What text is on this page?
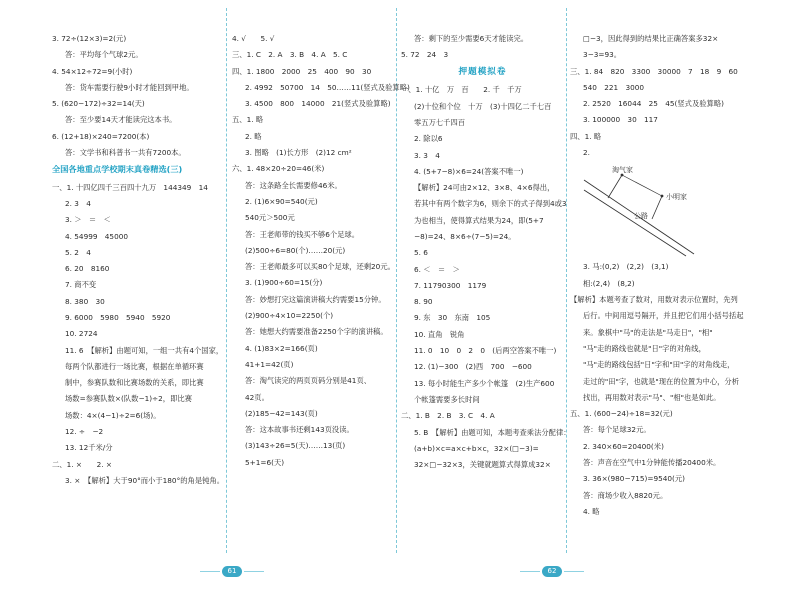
3. 72÷(12×3)=2(元)
答：平均每个气球2元。
4. 54×12÷72=9(小时)
答：货车需要行驶9小时才能回到甲地。
5. (620−172)÷32=14(天)
答：至少要14天才能读完这本书。
6. (12+18)×240=7200(本)
答：文学书和科普书一共有7200本。
全国各地重点学校期末真卷精选(三)
一、1. 十四亿四千三百四十九万　144349　14
2. 3　4
3. ＞　＝　＜
4. 54999　45000
5. 2　4
6. 20　8160
7. 商不变
8. 380　30
9. 6000　5980　5940　5920
10. 2724
11. 6　【解析】由题可知，一组一共有4个国家，
每两个队都进行一场比赛，根据在单循环赛
制中，参赛队数和比赛场数的关系，即比赛
场数=参赛队数×(队数−1)÷2，即比赛
场数：4×(4−1)÷2=6(场)。
12. ÷　−2
13. 12千米/分
二、1. ×　　2. ×
3. ×　【解析】大于90°而小于180°的角是钝角。
4. √　　5. √
三、1. C　2. A　3. B　4. A　5. C
四、1. 1800　2000　25　400　90　30
2. 4992　50700　14　50……11(竖式及验算略)
3. 4500　800　14000　21(竖式及验算略)
五、1. 略
2. 略
3. 图略　(1)长方形　(2)12 cm²
六、1. 48×20÷20=46(米)
答：这条路全长需要修46米。
2. (1)6×90=540(元)
540元＞500元
答：王老师带的钱买不够6个足球。
(2)500÷6=80(个)……20(元)
答：王老师最多可以买80个足球，还剩20元。
3. (1)900÷60=15(分)
答：妙想打完这篇演讲稿大约需要15分钟。
(2)900÷4×10=2250(个)
答：她想大约需要准备2250个字的演讲稿。
4. (1)83×2=166(页)
41+1=42(页)
答：淘气读完的两页页码分别是41页、
42页。
(2)185−42=143(页)
答：这本故事书还剩143页没读。
(3)143÷26=5(天)……13(页)
5+1=6(天)
答：剩下的至少需要6天才能读完。
5. 72　24　3
押题模拟卷
一、1. 十亿　万　百　　2. 千　千万
(2)十位和个位　十万　(3)十四亿二千七百
零五万七千四百
2. 除以6
3. 3　4
4. (5+7−8)×6=24(答案不唯一)
【解析】24可由2×12、3×8、4×6得出，
若其中有两个数字为6，则余下的式子得到4或3
为也相当，使得算式结果为24，即(5+7
−8)=24、8×6÷(7−5)=24。
5. 6
6. ＜　＝　＞
7. 11790300　1179
8. 90
9. 东　30　东南　105
10. 直角　锐角
11. 0　10　0　2　0　(后两空答案不唯一)
12. (1)−300　(2)西　700　−600
13. 每小时能生产多少个帐篷　(2)生产600
个帐篷需要多长时间
二、1. B　2. B　3. C　4. A
5. B　【解析】由题可知，本题考查乘法分配律：
(a+b)×c=a×c+b×c，32×(□−3)=
32×□−32×3，关键就题算式得算成32×
□−3，因此得到的结果比正确答案多32×
3−3=93。
三、1. 84　820　3300　30000　7　18　9　60
540　221　3000
2. 2520　16044　25　45(竖式及验算略)
3. 100000　30　117
四、1. 略
2.
淘气家
小明家
公路
3. 马:(0,2)　(2,2)　(3,1)
相:(2,4)　(8,2)
【解析】本题考查了数对，用数对表示位置时，先列
后行。中间用逗号隔开，并且把它们用小括号括起
来。象棋中"马"的走法是"马走日"，"相"
"马"走的路线也就是"日"字的对角线，
"马"走的路线包括"日"字和"田"字的对角线走，
走过的"田"字，也就是"现在的位置为中心，分析
找出，再用数对表示"马"、"相"也是如此。
五、1. (600−24)÷18=32(元)
答：每个足球32元。
2. 340×60=20400(米)
答：声音在空气中1分钟能传播20400米。
3. 36×(980−715)=9540(元)
答：商场少收入8820元。
4. 略
61	62
